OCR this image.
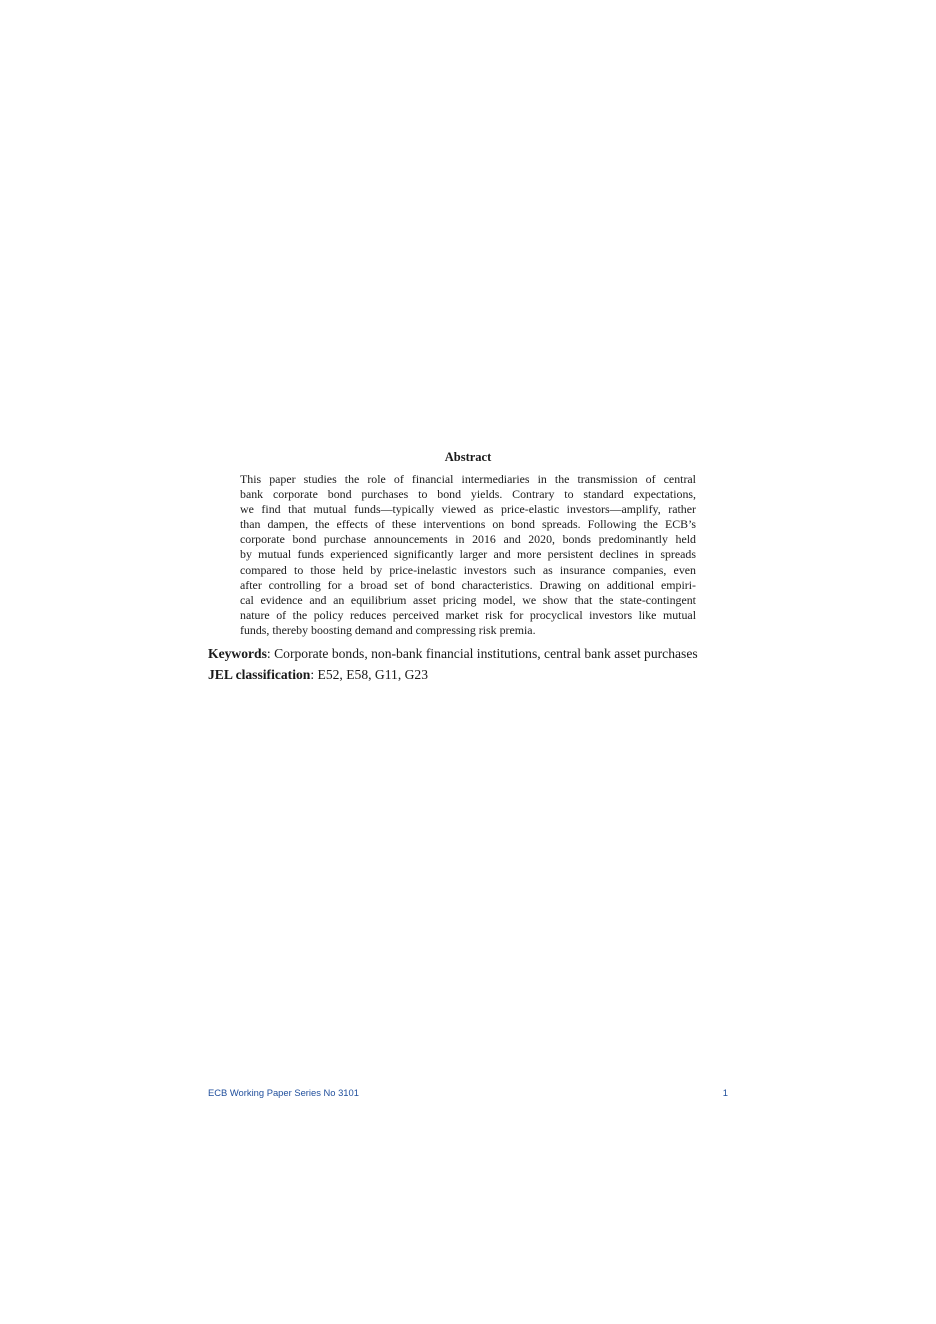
Abstract
This paper studies the role of financial intermediaries in the transmission of central
bank corporate bond purchases to bond yields. Contrary to standard expectations,
we find that mutual funds—typically viewed as price-elastic investors—amplify, rather
than dampen, the effects of these interventions on bond spreads. Following the ECB’s
corporate bond purchase announcements in 2016 and 2020, bonds predominantly held
by mutual funds experienced significantly larger and more persistent declines in spreads
compared to those held by price-inelastic investors such as insurance companies, even
after controlling for a broad set of bond characteristics. Drawing on additional empiri-
cal evidence and an equilibrium asset pricing model, we show that the state-contingent
nature of the policy reduces perceived market risk for procyclical investors like mutual
funds, thereby boosting demand and compressing risk premia.
Keywords: Corporate bonds, non-bank financial institutions, central bank asset purchases
JEL classification: E52, E58, G11, G23
ECB Working Paper Series No 3101	1
